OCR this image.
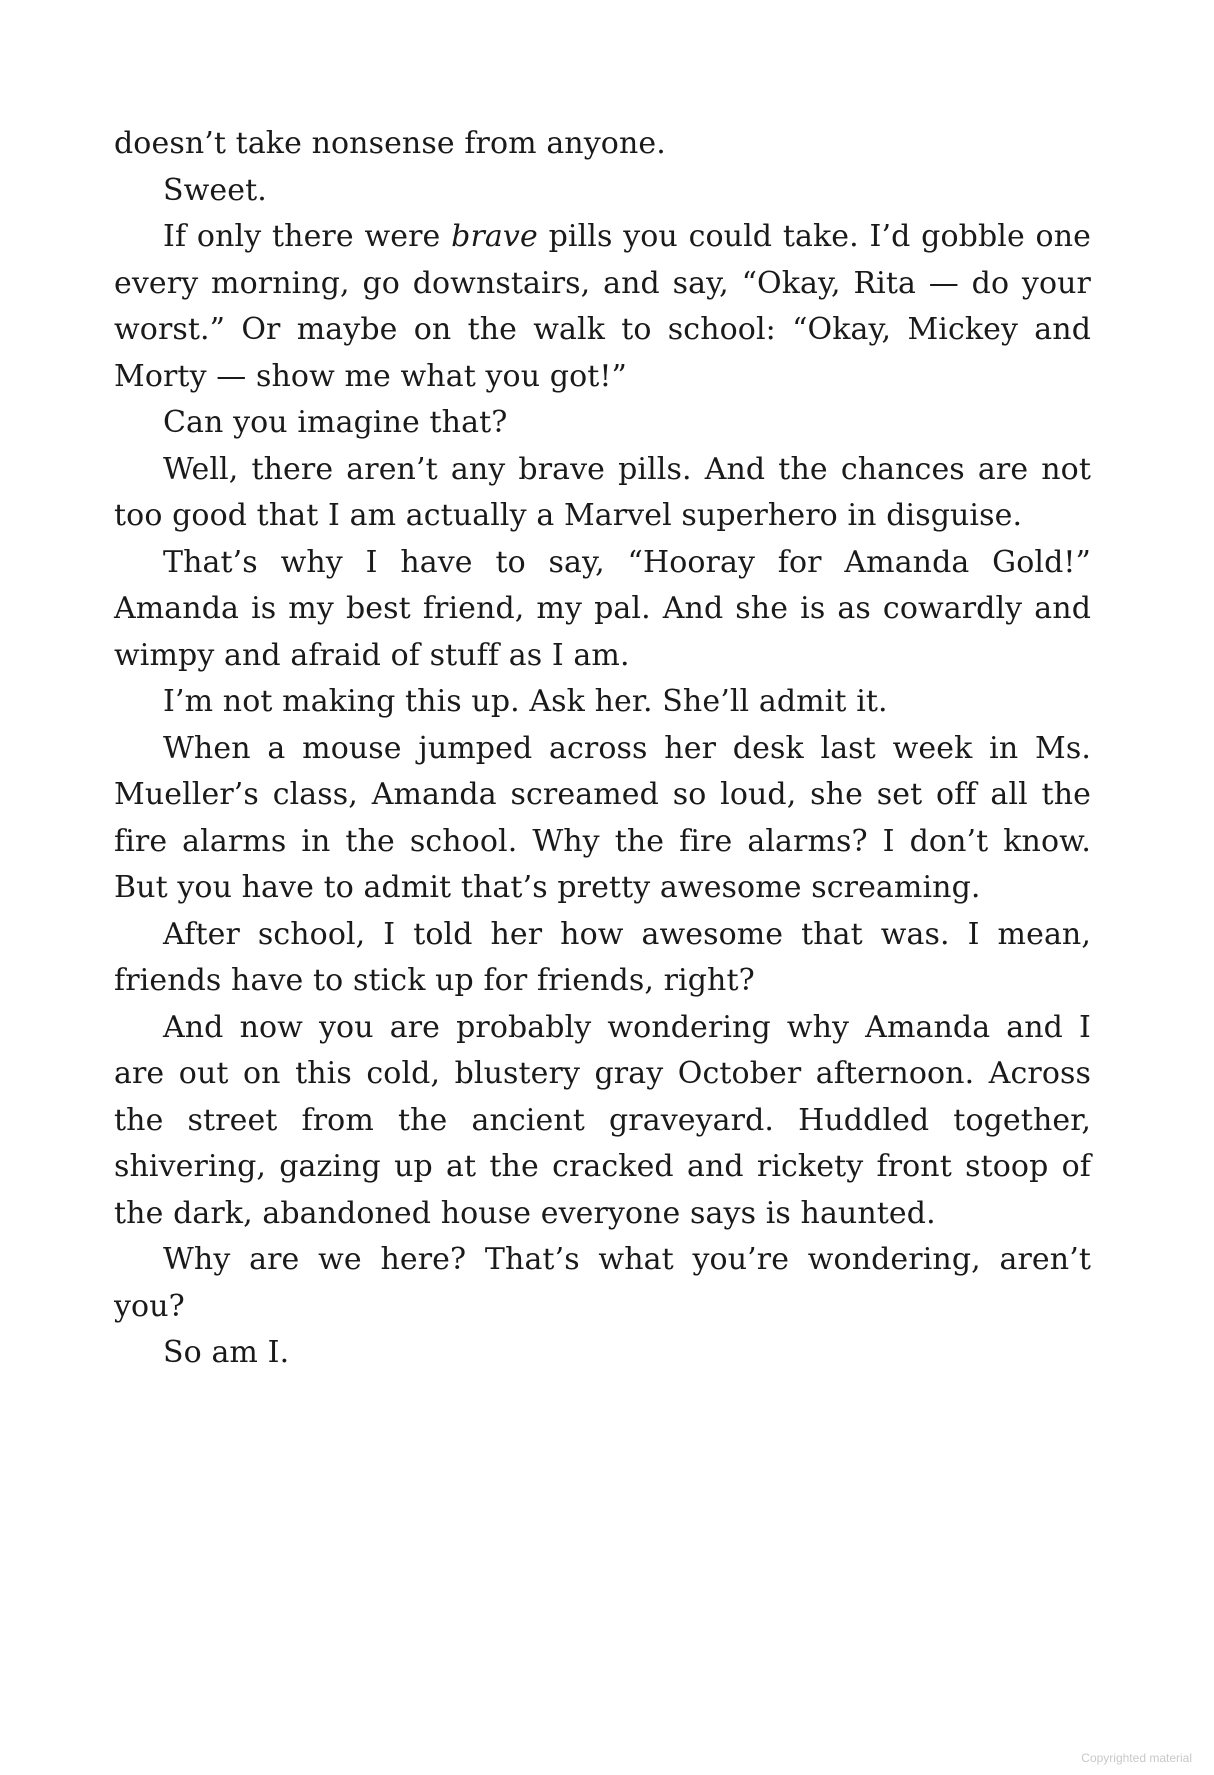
doesn’t take nonsense from anyone.

Sweet.

If only there were brave pills you could take. I’d gobble one every morning, go downstairs, and say, “Okay, Rita — do your worst.” Or maybe on the walk to school: “Okay, Mickey and Morty — show me what you got!”

Can you imagine that?

Well, there aren’t any brave pills. And the chances are not too good that I am actually a Marvel superhero in disguise.

That’s why I have to say, “Hooray for Amanda Gold!” Amanda is my best friend, my pal. And she is as cowardly and wimpy and afraid of stuff as I am.

I’m not making this up. Ask her. She’ll admit it.

When a mouse jumped across her desk last week in Ms. Mueller’s class, Amanda screamed so loud, she set off all the fire alarms in the school. Why the fire alarms? I don’t know. But you have to admit that’s pretty awesome screaming.

After school, I told her how awesome that was. I mean, friends have to stick up for friends, right?

And now you are probably wondering why Amanda and I are out on this cold, blustery gray October afternoon. Across the street from the ancient graveyard. Huddled together, shivering, gazing up at the cracked and rickety front stoop of the dark, abandoned house everyone says is haunted.

Why are we here? That’s what you’re wondering, aren’t you?

So am I.

Copyrighted material
